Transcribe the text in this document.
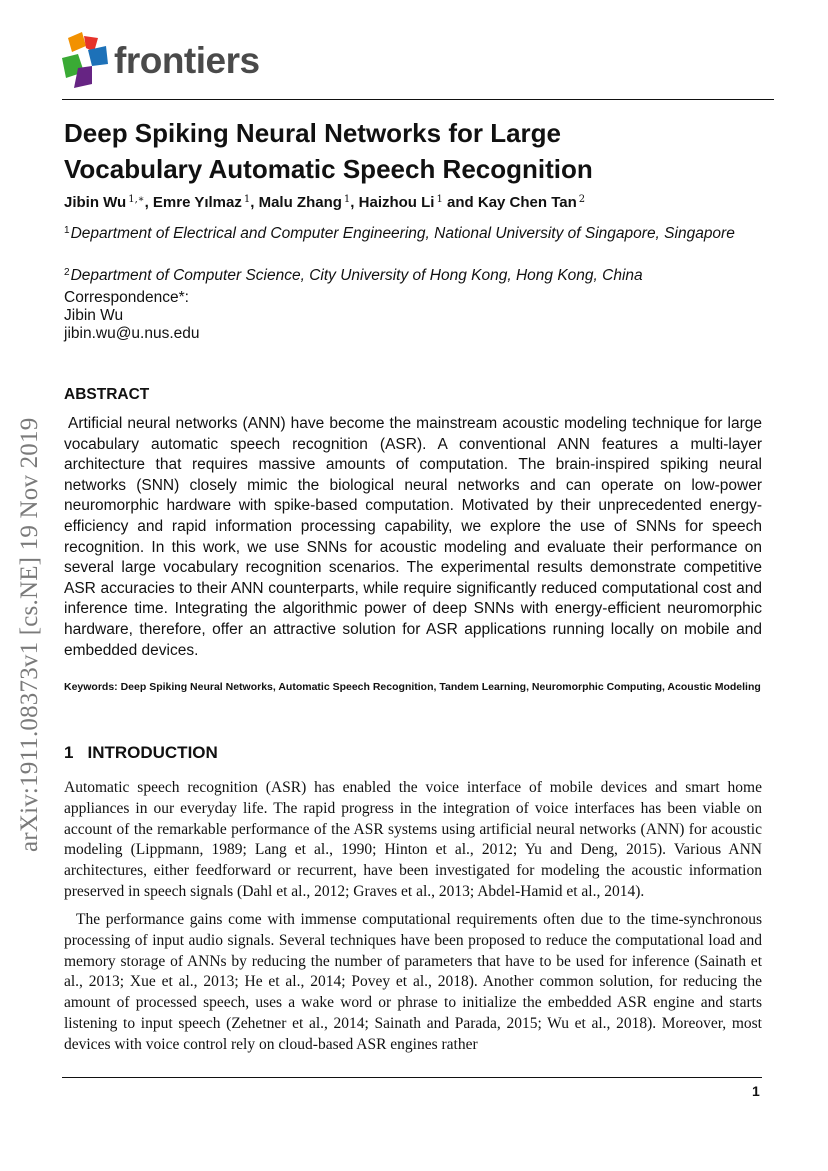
frontiers
Deep Spiking Neural Networks for Large
Vocabulary Automatic Speech Recognition
Jibin Wu $^{1,∗}$, Emre Yılmaz $^1$, Malu Zhang $^1$, Haizhou Li $^1$ and Kay Chen Tan $^2$
$^1$Department of Electrical and Computer Engineering, National University of Singapore, Singapore
$^2$Department of Computer Science, City University of Hong Kong, Hong Kong, China
Correspondence*:
Jibin Wu
jibin.wu@u.nus.edu
arXiv:1911.08373v1 [cs.NE] 19 Nov 2019
ABSTRACT
Artificial neural networks (ANN) have become the mainstream acoustic modeling technique for large vocabulary automatic speech recognition (ASR). A conventional ANN features a multi-layer architecture that requires massive amounts of computation. The brain-inspired spiking neural networks (SNN) closely mimic the biological neural networks and can operate on low-power neuromorphic hardware with spike-based computation. Motivated by their unprecedented energy-efficiency and rapid information processing capability, we explore the use of SNNs for speech recognition. In this work, we use SNNs for acoustic modeling and evaluate their performance on several large vocabulary recognition scenarios. The experimental results demonstrate competitive ASR accuracies to their ANN counterparts, while require significantly reduced computational cost and inference time. Integrating the algorithmic power of deep SNNs with energy-efficient neuromorphic hardware, therefore, offer an attractive solution for ASR applications running locally on mobile and embedded devices.
Keywords: Deep Spiking Neural Networks, Automatic Speech Recognition, Tandem Learning, Neuromorphic Computing, Acoustic Modeling
1 INTRODUCTION
Automatic speech recognition (ASR) has enabled the voice interface of mobile devices and smart home appliances in our everyday life. The rapid progress in the integration of voice interfaces has been viable on account of the remarkable performance of the ASR systems using artificial neural networks (ANN) for acoustic modeling (Lippmann, 1989; Lang et al., 1990; Hinton et al., 2012; Yu and Deng, 2015). Various ANN architectures, either feedforward or recurrent, have been investigated for modeling the acoustic information preserved in speech signals (Dahl et al., 2012; Graves et al., 2013; Abdel-Hamid et al., 2014).
The performance gains come with immense computational requirements often due to the time-synchronous processing of input audio signals. Several techniques have been proposed to reduce the computational load and memory storage of ANNs by reducing the number of parameters that have to be used for inference (Sainath et al., 2013; Xue et al., 2013; He et al., 2014; Povey et al., 2018). Another common solution, for reducing the amount of processed speech, uses a wake word or phrase to initialize the embedded ASR engine and starts listening to input speech (Zehetner et al., 2014; Sainath and Parada, 2015; Wu et al., 2018). Moreover, most devices with voice control rely on cloud-based ASR engines rather
1
